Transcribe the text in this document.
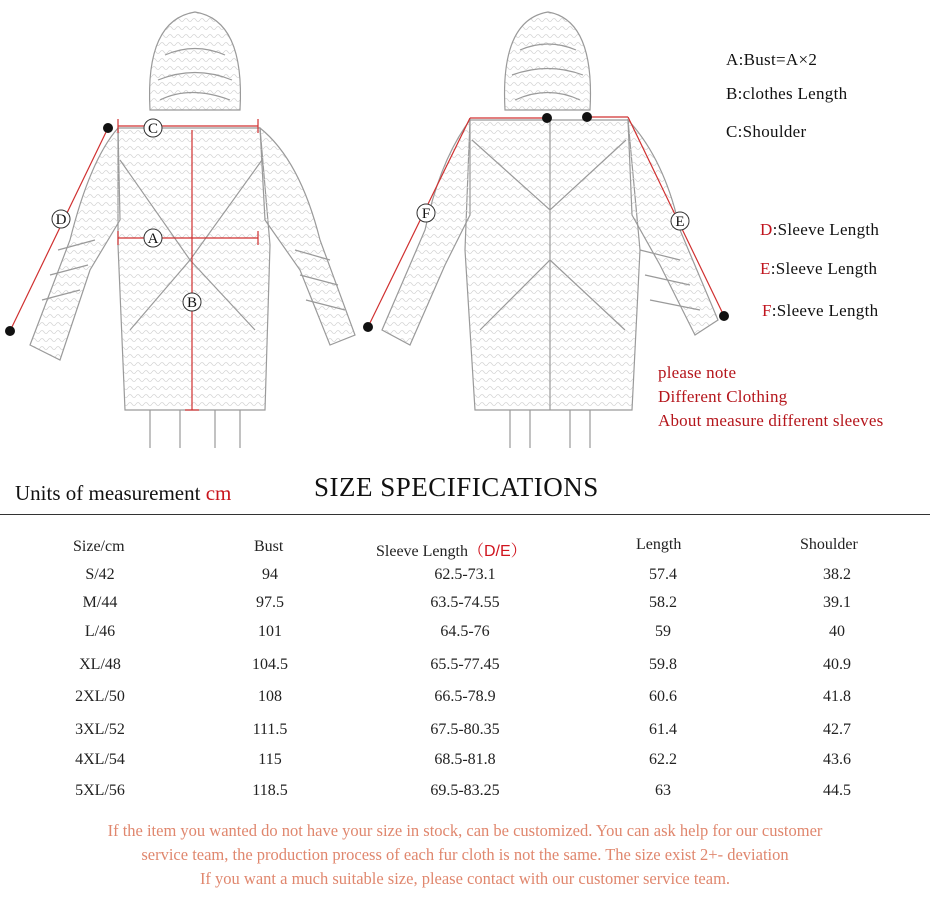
C
D
A
B
F	E
A:Bust=A×2
B:clothes Length
C:Shoulder
D:Sleeve Length
E:Sleeve Length
F:Sleeve Length
please note
Different Clothing
About measure different sleeves
Units of measurement cm	SIZE SPECIFICATIONS
Size/cm	Bust	Sleeve Length（D/E）	Length	Shoulder
S/42	94	62.5-73.1	57.4	38.2
M/44	97.5	63.5-74.55	58.2	39.1
L/46	101	64.5-76	59	40
XL/48	104.5	65.5-77.45	59.8	40.9
2XL/50	108	66.5-78.9	60.6	41.8
3XL/52	111.5	67.5-80.35	61.4	42.7
4XL/54	115	68.5-81.8	62.2	43.6
5XL/56	118.5	69.5-83.25	63	44.5
If the item you wanted do not have your size in stock, can be customized. You can ask help for our customer
service team, the production process of each fur cloth is not the same. The size exist 2+- deviation
If you want a much suitable size, please contact with our customer service team.
